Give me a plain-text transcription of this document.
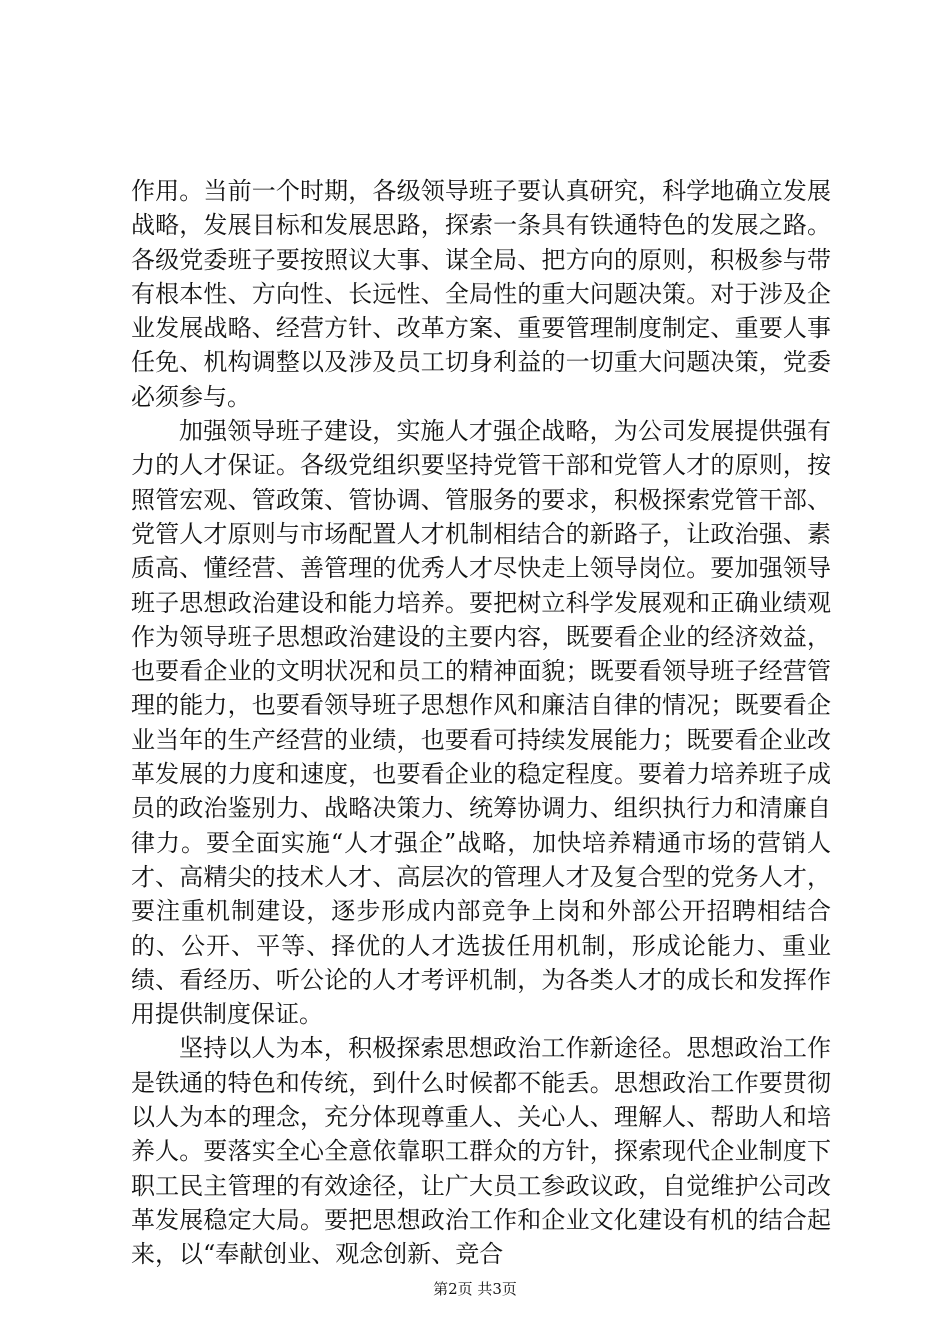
作用。当前一个时期，各级领导班子要认真研究，科学地确立发展战略，发展目标和发展思路，探索一条具有铁通特色的发展之路。各级党委班子要按照议大事、谋全局、把方向的原则，积极参与带有根本性、方向性、长远性、全局性的重大问题决策。对于涉及企业发展战略、经营方针、改革方案、重要管理制度制定、重要人事任免、机构调整以及涉及员工切身利益的一切重大问题决策，党委必须参与。

加强领导班子建设，实施人才强企战略，为公司发展提供强有力的人才保证。各级党组织要坚持党管干部和党管人才的原则，按照管宏观、管政策、管协调、管服务的要求，积极探索党管干部、党管人才原则与市场配置人才机制相结合的新路子，让政治强、素质高、懂经营、善管理的优秀人才尽快走上领导岗位。要加强领导班子思想政治建设和能力培养。要把树立科学发展观和正确业绩观作为领导班子思想政治建设的主要内容，既要看企业的经济效益，也要看企业的文明状况和员工的精神面貌；既要看领导班子经营管理的能力，也要看领导班子思想作风和廉洁自律的情况；既要看企业当年的生产经营的业绩，也要看可持续发展能力；既要看企业改革发展的力度和速度，也要看企业的稳定程度。要着力培养班子成员的政治鉴别力、战略决策力、统筹协调力、组织执行力和清廉自律力。要全面实施“人才强企”战略，加快培养精通市场的营销人才、高精尖的技术人才、高层次的管理人才及复合型的党务人才，要注重机制建设，逐步形成内部竞争上岗和外部公开招聘相结合的、公开、平等、择优的人才选拔任用机制，形成论能力、重业绩、看经历、听公论的人才考评机制，为各类人才的成长和发挥作用提供制度保证。

坚持以人为本，积极探索思想政治工作新途径。思想政治工作是铁通的特色和传统，到什么时候都不能丢。思想政治工作要贯彻以人为本的理念，充分体现尊重人、关心人、理解人、帮助人和培养人。要落实全心全意依靠职工群众的方针，探索现代企业制度下职工民主管理的有效途径，让广大员工参政议政，自觉维护公司改革发展稳定大局。要把思想政治工作和企业文化建设有机的结合起来，以“奉献创业、观念创新、竞合

第2页 共3页
